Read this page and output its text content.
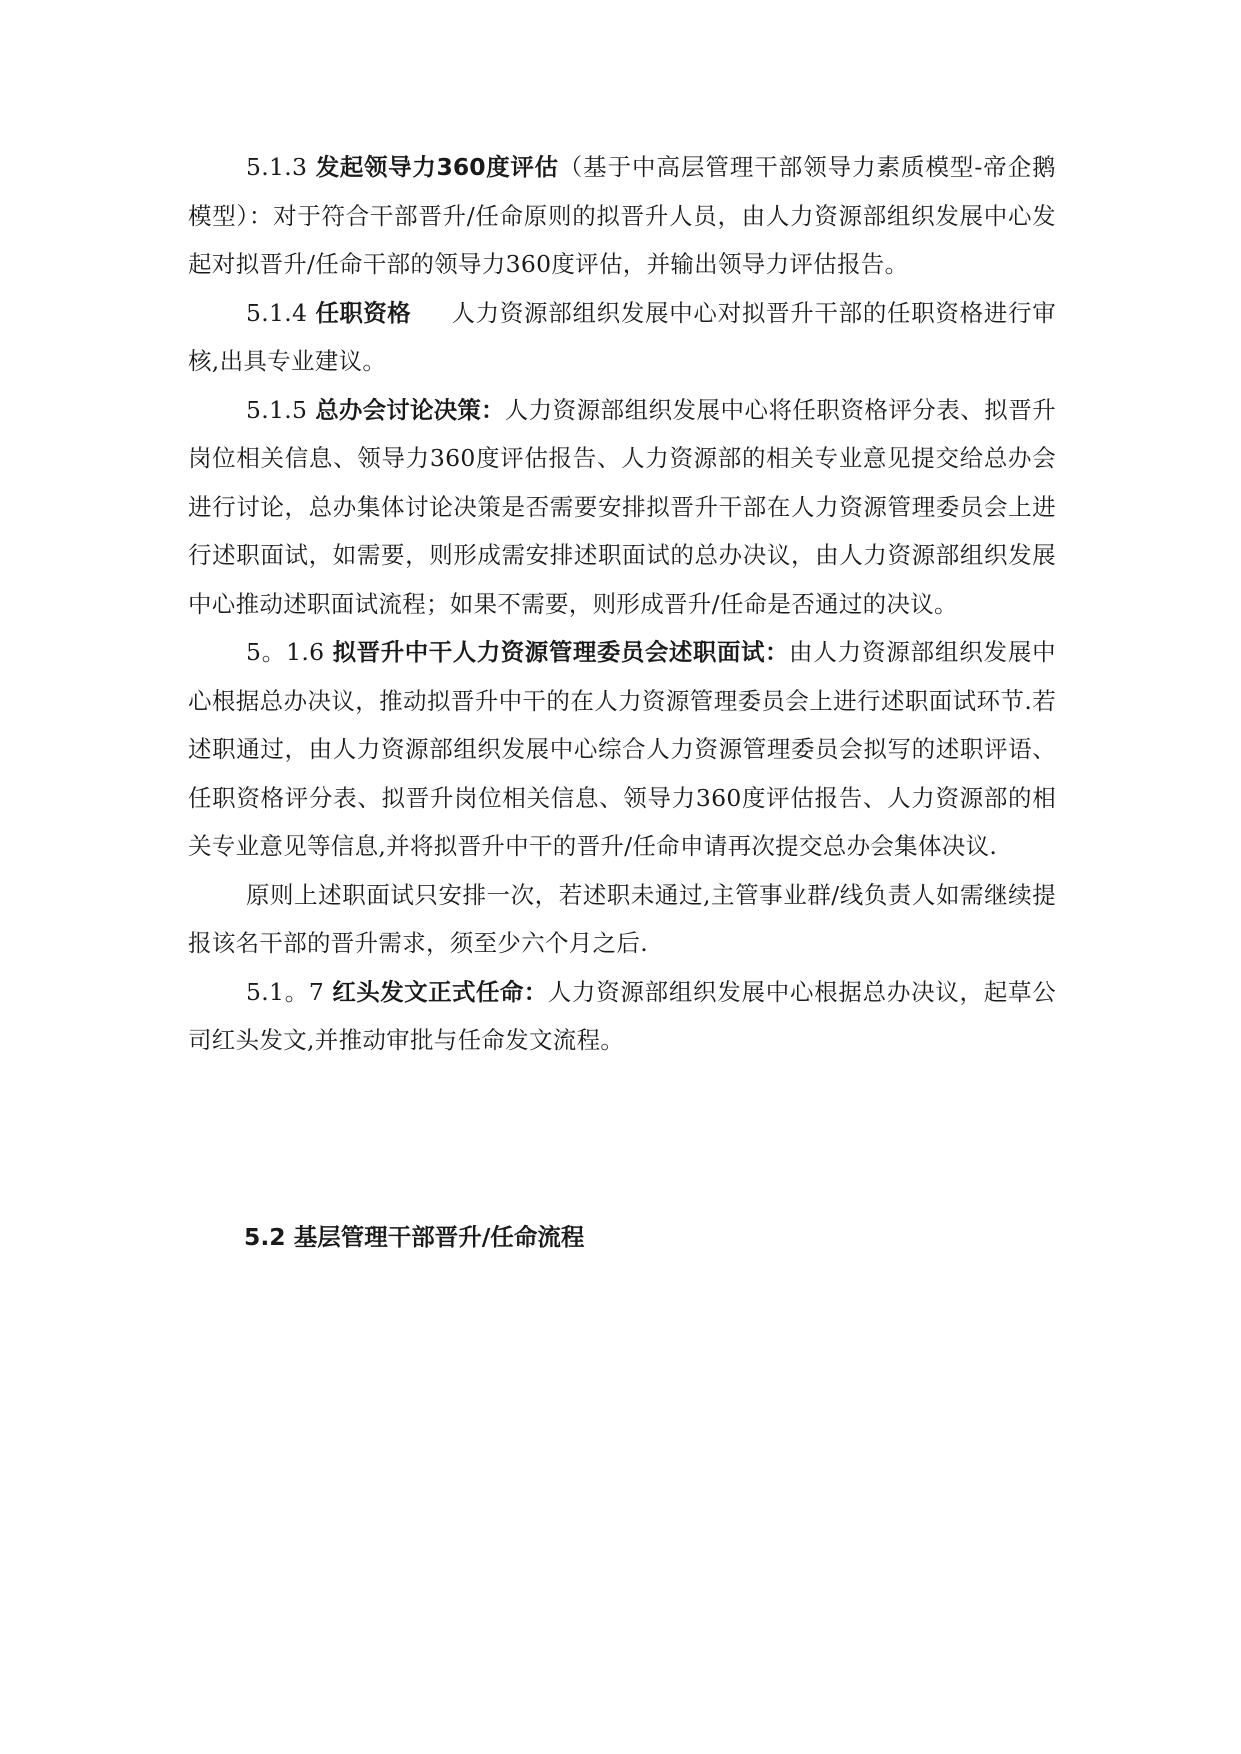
5.1.3 发起领导力360度评估（基于中高层管理干部领导力素质模型-帝企鹅模型）：对于符合干部晋升/任命原则的拟晋升人员，由人力资源部组织发展中心发起对拟晋升/任命干部的领导力360度评估，并输出领导力评估报告。

5.1.4 任职资格 人力资源部组织发展中心对拟晋升干部的任职资格进行审核,出具专业建议。

5.1.5 总办会讨论决策：人力资源部组织发展中心将任职资格评分表、拟晋升岗位相关信息、领导力360度评估报告、人力资源部的相关专业意见提交给总办会进行讨论，总办集体讨论决策是否需要安排拟晋升干部在人力资源管理委员会上进行述职面试，如需要，则形成需安排述职面试的总办决议，由人力资源部组织发展中心推动述职面试流程；如果不需要，则形成晋升/任命是否通过的决议。

5。1.6 拟晋升中干人力资源管理委员会述职面试：由人力资源部组织发展中心根据总办决议，推动拟晋升中干的在人力资源管理委员会上进行述职面试环节.若述职通过，由人力资源部组织发展中心综合人力资源管理委员会拟写的述职评语、任职资格评分表、拟晋升岗位相关信息、领导力360度评估报告、人力资源部的相关专业意见等信息,并将拟晋升中干的晋升/任命申请再次提交总办会集体决议.

原则上述职面试只安排一次，若述职未通过,主管事业群/线负责人如需继续提报该名干部的晋升需求，须至少六个月之后.

5.1。7 红头发文正式任命：人力资源部组织发展中心根据总办决议，起草公司红头发文,并推动审批与任命发文流程。

5.2 基层管理干部晋升/任命流程
